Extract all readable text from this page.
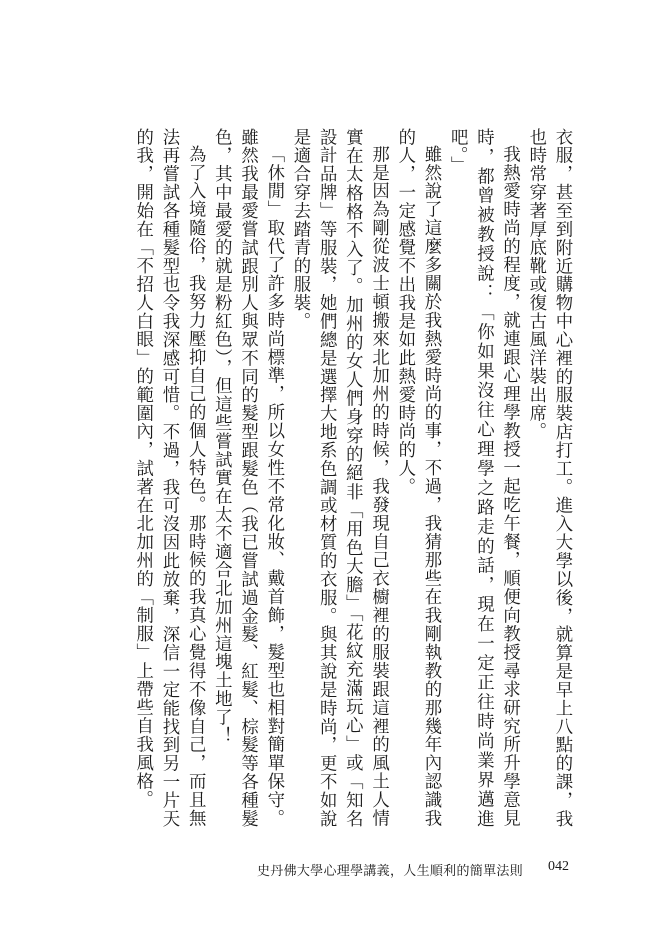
衣服，甚至到附近購物中心裡的服裝店打工。進入大學以後，就算是早上八點的課，我也時常穿著厚底靴或復古風洋裝出席。

我熱愛時尚的程度，就連跟心理學教授一起吃午餐，順便向教授尋求研究所升學意見時，都曾被教授說：「你如果沒往心理學之路走的話，現在一定正往時尚業界邁進吧。」

雖然說了這麼多關於我熱愛時尚的事，不過，我猜那些在我剛執教的那幾年內認識我的人，一定感覺不出我是如此熱愛時尚的人。

那是因為剛從波士頓搬來北加州的時候，我發現自己衣櫥裡的服裝跟這裡的風土人情實在太格格不入了。加州的女人們身穿的絕非「用色大膽」「花紋充滿玩心」或「知名設計品牌」等服裝，她們總是選擇大地系色調或材質的衣服。與其說是時尚，更不如說是適合穿去踏青的服裝。

「休閒」取代了許多時尚標準，所以女性不常化妝、戴首飾，髮型也相對簡單保守。雖然我最愛嘗試跟別人與眾不同的髮型跟髮色（我已嘗試過金髮、紅髮、棕髮等各種髮色，其中最愛的就是粉紅色），但這些嘗試實在太不適合北加州這塊土地了！

為了入境隨俗，我努力壓抑自己的個人特色。那時候的我真心覺得不像自己，而且無法再嘗試各種髮型也令我深感可惜。不過，我可沒因此放棄，深信一定能找到另一片天的我，開始在「不招人白眼」的範圍內，試著在北加州的「制服」上帶些自我風格。

史丹佛大學心理學講義，人生順利的簡單法則 042
